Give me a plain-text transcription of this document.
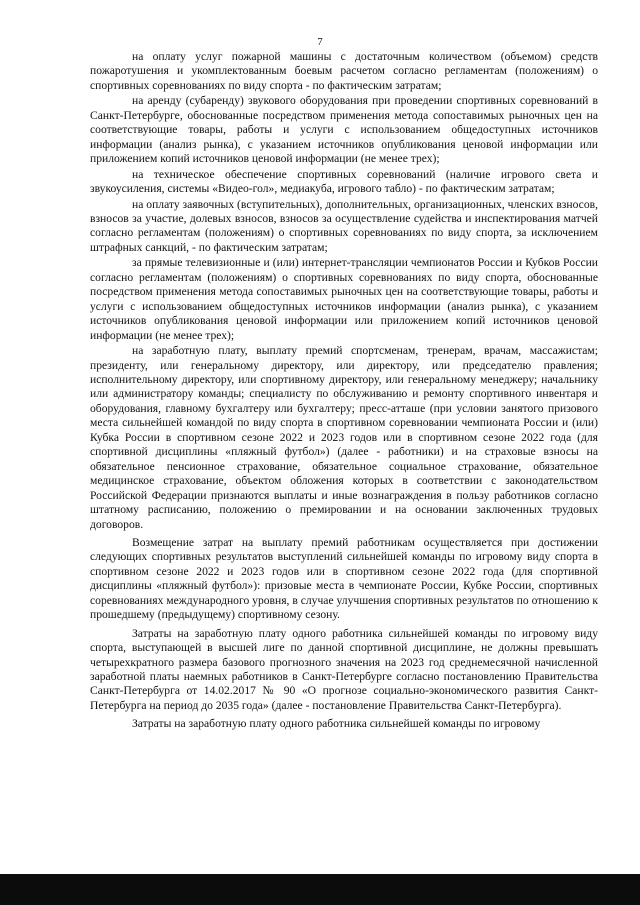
7

на оплату услуг пожарной машины с достаточным количеством (объемом) средств пожаротушения и укомплектованным боевым расчетом согласно регламентам (положениям) о спортивных соревнованиях по виду спорта - по фактическим затратам;

на аренду (субаренду) звукового оборудования при проведении спортивных соревнований в Санкт-Петербурге, обоснованные посредством применения метода сопоставимых рыночных цен на соответствующие товары, работы и услуги с использованием общедоступных источников информации (анализ рынка), с указанием источников опубликования ценовой информации или приложением копий источников ценовой информации (не менее трех);

на техническое обеспечение спортивных соревнований (наличие игрового света и звукоусиления, системы «Видео-гол», медиакуба, игрового табло) - по фактическим затратам;

на оплату заявочных (вступительных), дополнительных, организационных, членских взносов, взносов за участие, долевых взносов, взносов за осуществление судейства и инспектирования матчей согласно регламентам (положениям) о спортивных соревнованиях по виду спорта, за исключением штрафных санкций, - по фактическим затратам;

за прямые телевизионные и (или) интернет-трансляции чемпионатов России и Кубков России согласно регламентам (положениям) о спортивных соревнованиях по виду спорта, обоснованные посредством применения метода сопоставимых рыночных цен на соответствующие товары, работы и услуги с использованием общедоступных источников информации (анализ рынка), с указанием источников опубликования ценовой информации или приложением копий источников ценовой информации (не менее трех);

на заработную плату, выплату премий спортсменам, тренерам, врачам, массажистам; президенту, или генеральному директору, или директору, или председателю правления; исполнительному директору, или спортивному директору, или генеральному менеджеру; начальнику или администратору команды; специалисту по обслуживанию и ремонту спортивного инвентаря и оборудования, главному бухгалтеру или бухгалтеру; пресс-атташе (при условии занятого призового места сильнейшей командой по виду спорта в спортивном соревновании чемпионата России и (или) Кубка России в спортивном сезоне 2022 и 2023 годов или в спортивном сезоне 2022 года (для спортивной дисциплины «пляжный футбол») (далее - работники) и на страховые взносы на обязательное пенсионное страхование, обязательное социальное страхование, обязательное медицинское страхование, объектом обложения которых в соответствии с законодательством Российской Федерации признаются выплаты и иные вознаграждения в пользу работников согласно штатному расписанию, положению о премировании и на основании заключенных трудовых договоров.

Возмещение затрат на выплату премий работникам осуществляется при достижении следующих спортивных результатов выступлений сильнейшей команды по игровому виду спорта в спортивном сезоне 2022 и 2023 годов или в спортивном сезоне 2022 года (для спортивной дисциплины «пляжный футбол»): призовые места в чемпионате России, Кубке России, спортивных соревнованиях международного уровня, в случае улучшения спортивных результатов по отношению к прошедшему (предыдущему) спортивному сезону.

Затраты на заработную плату одного работника сильнейшей команды по игровому виду спорта, выступающей в высшей лиге по данной спортивной дисциплине, не должны превышать четырехкратного размера базового прогнозного значения на 2023 год среднемесячной начисленной заработной платы наемных работников в Санкт-Петербурге согласно постановлению Правительства Санкт-Петербурга от 14.02.2017 № 90 «О прогнозе социально-экономического развития Санкт-Петербурга на период до 2035 года» (далее - постановление Правительства Санкт-Петербурга).

Затраты на заработную плату одного работника сильнейшей команды по игровому
